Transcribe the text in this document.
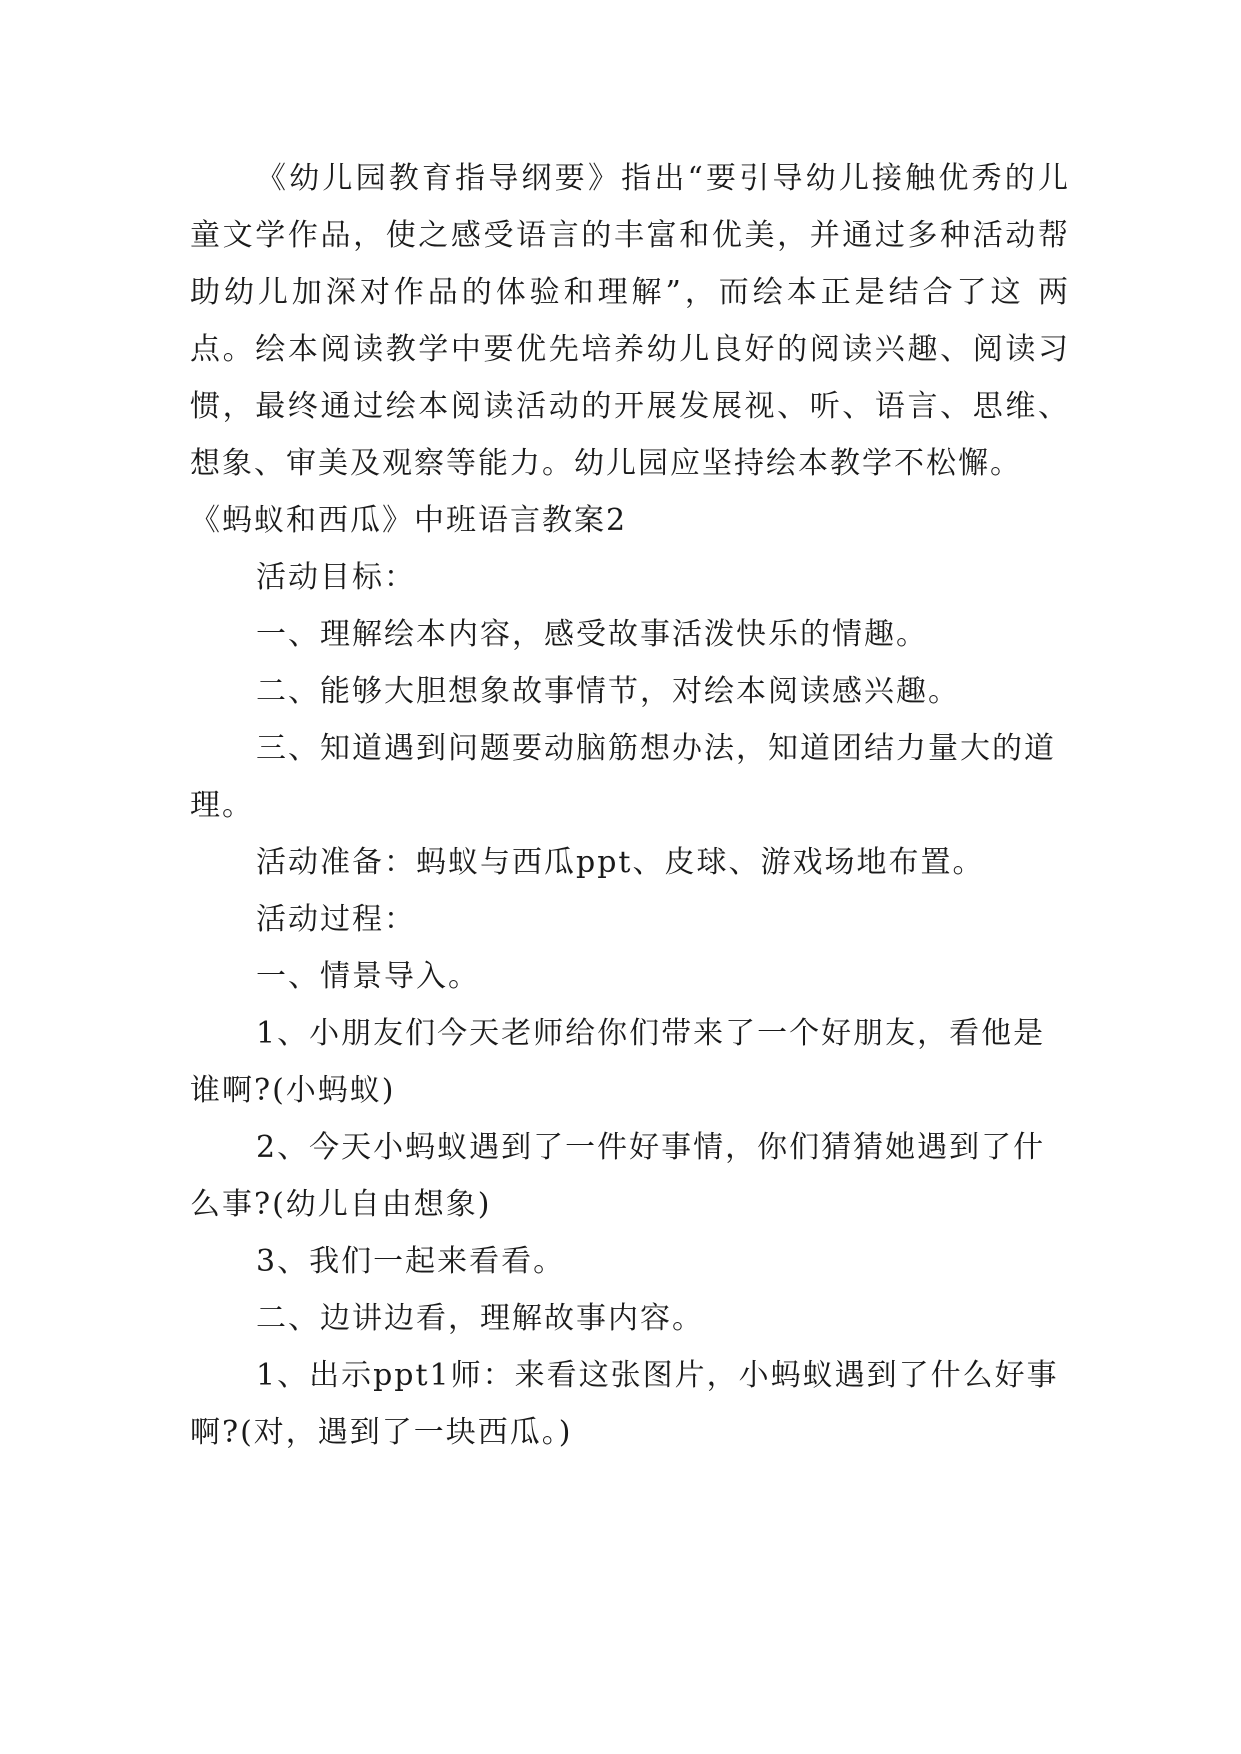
《幼儿园教育指导纲要》指出“要引导幼儿接触优秀的儿童文学作品，使之感受语言的丰富和优美，并通过多种活动帮助幼儿加深对作品的体验和理解”，而绘本正是结合了这 两点。绘本阅读教学中要优先培养幼儿良好的阅读兴趣、阅读习惯，最终通过绘本阅读活动的开展发展视、听、语言、思维、想象、审美及观察等能力。幼儿园应坚持绘本教学不松懈。

《蚂蚁和西瓜》中班语言教案2

活动目标：

一、理解绘本内容，感受故事活泼快乐的情趣。

二、能够大胆想象故事情节，对绘本阅读感兴趣。

三、知道遇到问题要动脑筋想办法，知道团结力量大的道理。

活动准备：蚂蚁与西瓜ppt、皮球、游戏场地布置。

活动过程：

一、情景导入。

1、小朋友们今天老师给你们带来了一个好朋友，看他是谁啊?(小蚂蚁)

2、今天小蚂蚁遇到了一件好事情，你们猜猜她遇到了什么事?(幼儿自由想象)

3、我们一起来看看。

二、边讲边看，理解故事内容。

1、出示ppt1师：来看这张图片，小蚂蚁遇到了什么好事啊?(对，遇到了一块西瓜。)
